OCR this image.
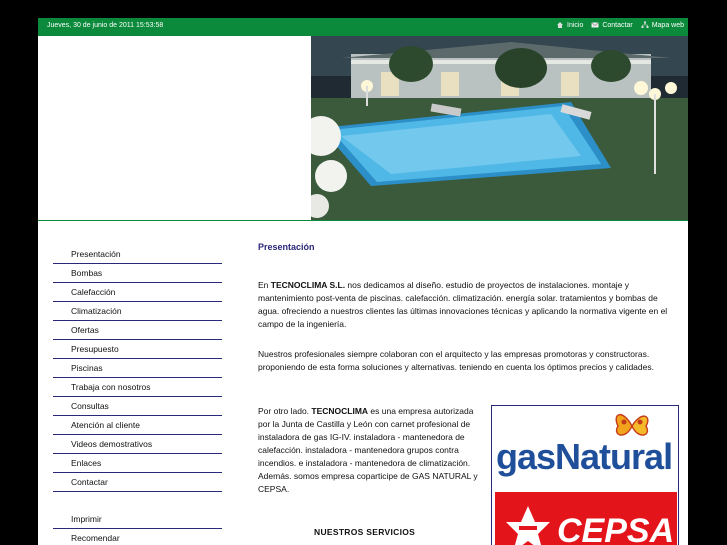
Jueves, 30 de junio de 2011 15:53:58	Inicio	Contactar	Mapa web
Presentación
Bombas
Calefacción
Climatización
Ofertas
Presupuesto
Piscinas
Trabaja con nosotros
Consultas
Atención al cliente
Videos demostrativos
Enlaces
Contactar
Imprimir
Recomendar
Presentación

En TECNOCLIMA S.L. nos dedicamos al diseño. estudio de proyectos de instalaciones. montaje y mantenimiento post-venta de piscinas. calefacción. climatización. energía solar. tratamientos y bombas de agua. ofreciendo a nuestros clientes las últimas innovaciones técnicas y aplicando la normativa vigente en el campo de la ingeniería.

Nuestros profesionales siempre colaboran con el arquitecto y las empresas promotoras y constructoras. proponiendo de esta forma soluciones y alternativas. teniendo en cuenta los óptimos precios y calidades.

Por otro lado. TECNOCLIMA es una empresa autorizada por la Junta de Castilla y León con carnet profesional de instaladora de gas IG-IV. instaladora - mantenedora de calefacción. instaladora - mantenedora grupos contra incendios. e instaladora - mantenedora de climatización. Además. somos empresa coparticipe de GAS NATURAL y CEPSA.

NUESTROS SERVICIOS
gasNatural
CEPSA
